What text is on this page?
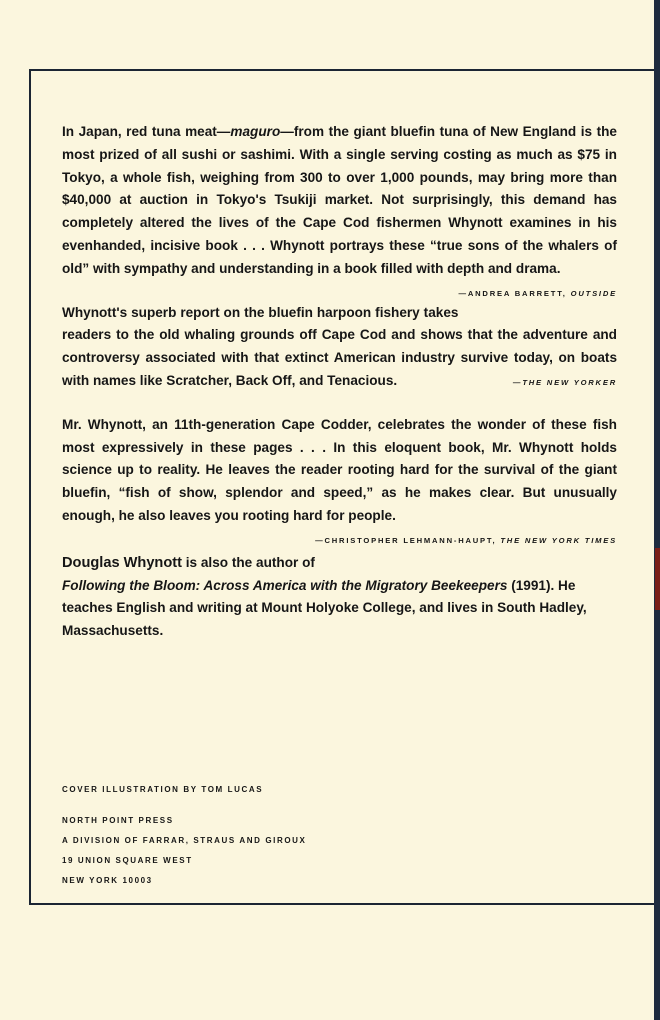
In Japan, red tuna meat—maguro—from the giant bluefin tuna of New England is the most prized of all sushi or sashimi. With a single serving costing as much as $75 in Tokyo, a whole fish, weighing from 300 to over 1,000 pounds, may bring more than $40,000 at auction in Tokyo's Tsukiji market. Not surprisingly, this demand has completely altered the lives of the Cape Cod fishermen Whynott examines in his evenhanded, incisive book . . . Whynott portrays these “true sons of the whalers of old” with sympathy and understanding in a book filled with depth and drama.
—ANDREA BARRETT, OUTSIDE

Whynott's superb report on the bluefin harpoon fishery takes readers to the old whaling grounds off Cape Cod and shows that the adventure and controversy associated with that extinct American industry survive today, on boats with names like Scratcher, Back Off, and Tenacious.	—THE NEW YORKER

Mr. Whynott, an 11th-generation Cape Codder, celebrates the wonder of these fish most expressively in these pages . . . In this eloquent book, Mr. Whynott holds science up to reality. He leaves the reader rooting hard for the survival of the giant bluefin, “fish of show, splendor and speed,” as he makes clear. But unusually enough, he also leaves you rooting hard for people.
—CHRISTOPHER LEHMANN-HAUPT, THE NEW YORK TIMES

Douglas Whynott is also the author of Following the Bloom: Across America with the Migratory Beekeepers (1991). He teaches English and writing at Mount Holyoke College, and lives in South Hadley, Massachusetts.

COVER ILLUSTRATION BY TOM LUCAS
NORTH POINT PRESS
A DIVISION OF FARRAR, STRAUS AND GIROUX
19 UNION SQUARE WEST
NEW YORK 10003
